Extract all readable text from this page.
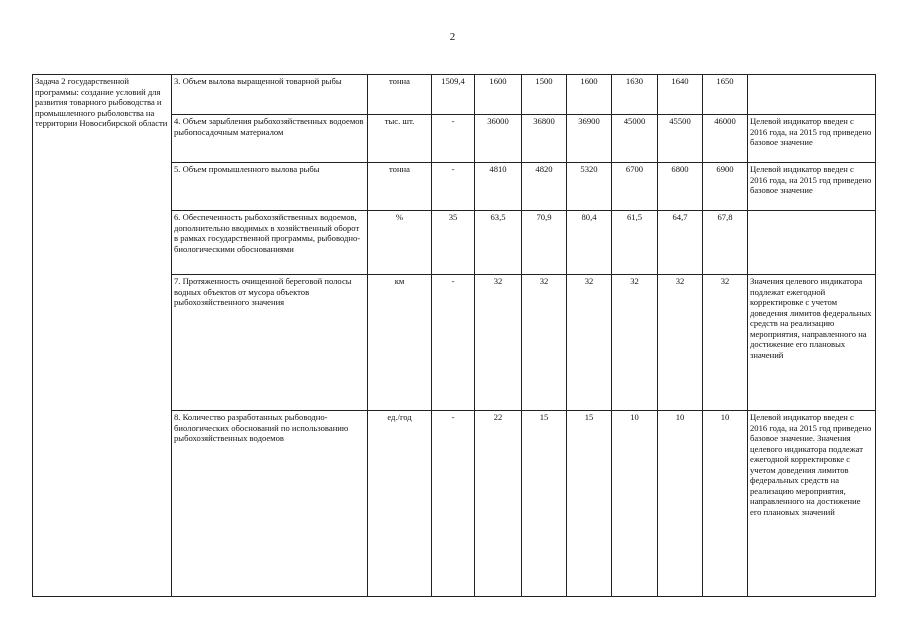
2
Задача 2 государственной программы: создание условий для развития товарного рыбоводства и промышленного рыболовства на территории Новосибирской области	3. Объем вылова выращенной товарной рыбы	тонна	1509,4	1600	1500	1600	1630	1640	1650	
	4. Объем зарыбления рыбохозяйственных водоемов рыбопосадочным материалом	тыс. шт.	-	36000	36800	36900	45000	45500	46000	Целевой индикатор введен с 2016 года, на 2015 год приведено базовое значение
	5. Объем промышленного вылова рыбы	тонна	-	4810	4820	5320	6700	6800	6900	Целевой индикатор введен с 2016 года, на 2015 год приведено базовое значение
	6. Обеспеченность рыбохозяйственных водоемов, дополнительно вводимых в хозяйственный оборот в рамках государственной программы, рыбоводно-биологическими обоснованиями	%	35	63,5	70,9	80,4	61,5	64,7	67,8	
	7. Протяженность очищенной береговой полосы водных объектов от мусора объектов рыбохозяйственного значения	км	-	32	32	32	32	32	32	Значения целевого индикатора подлежат ежегодной корректировке с учетом доведения лимитов федеральных средств на реализацию мероприятия, направленного на достижение его плановых значений
	8. Количество разработанных рыбоводно-биологических обоснований по использованию рыбохозяйственных водоемов	ед./год	-	22	15	15	10	10	10	Целевой индикатор введен с 2016 года, на 2015 год приведено базовое значение. Значения целевого индикатора подлежат ежегодной корректировке с учетом доведения лимитов федеральных средств на реализацию мероприятия, направленного на достижение его плановых значений
